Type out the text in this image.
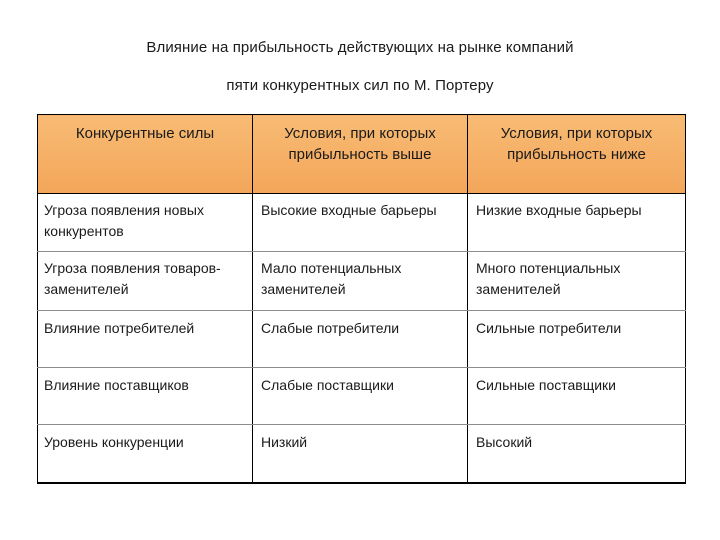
Влияние на прибыльность действующих на рынке компаний
пяти конкурентных сил по М. Портеру
Конкурентные силы	Условия, при которых прибыльность выше	Условия, при которых прибыльность ниже
Угроза появления новых конкурентов	Высокие входные барьеры	Низкие входные барьеры
Угроза появления товаров-заменителей	Мало потенциальных заменителей	Много потенциальных заменителей
Влияние потребителей	Слабые потребители	Сильные потребители
Влияние поставщиков	Слабые поставщики	Сильные поставщики
Уровень конкуренции	Низкий	Высокий
